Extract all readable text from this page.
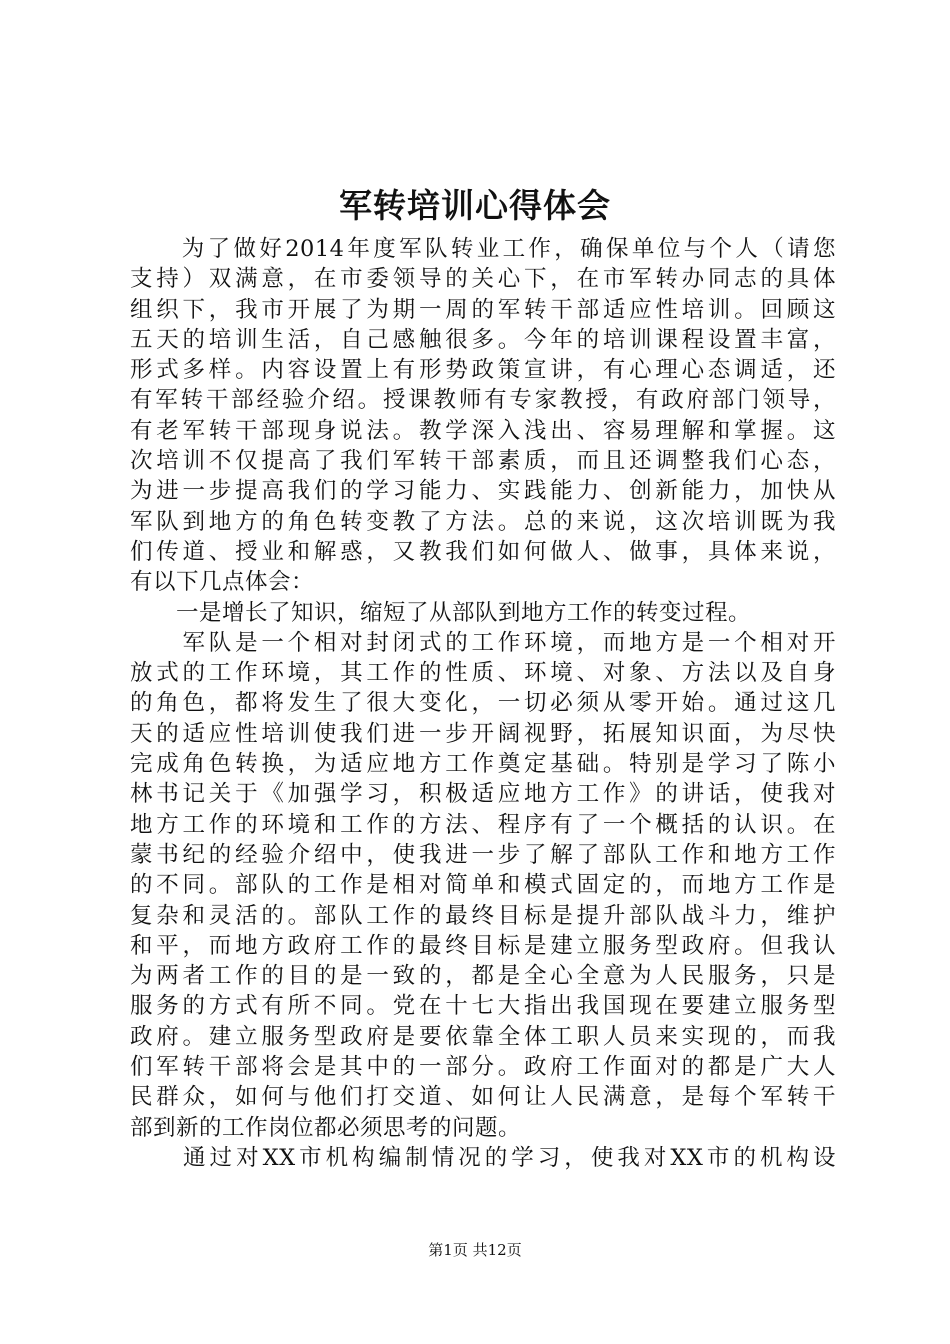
军转培训心得体会
　　为了做好2014年度军队转业工作，确保单位与个人（请您
支持）双满意，在市委领导的关心下，在市军转办同志的具体
组织下，我市开展了为期一周的军转干部适应性培训。回顾这
五天的培训生活，自己感触很多。今年的培训课程设置丰富，
形式多样。内容设置上有形势政策宣讲，有心理心态调适，还
有军转干部经验介绍。授课教师有专家教授，有政府部门领导，
有老军转干部现身说法。教学深入浅出、容易理解和掌握。这
次培训不仅提高了我们军转干部素质，而且还调整我们心态，
为进一步提高我们的学习能力、实践能力、创新能力，加快从
军队到地方的角色转变教了方法。总的来说，这次培训既为我
们传道、授业和解惑，又教我们如何做人、做事，具体来说，
有以下几点体会：
　　一是增长了知识，缩短了从部队到地方工作的转变过程。
　　军队是一个相对封闭式的工作环境，而地方是一个相对开
放式的工作环境，其工作的性质、环境、对象、方法以及自身
的角色，都将发生了很大变化，一切必须从零开始。通过这几
天的适应性培训使我们进一步开阔视野，拓展知识面，为尽快
完成角色转换，为适应地方工作奠定基础。特别是学习了陈小
林书记关于《加强学习，积极适应地方工作》的讲话，使我对
地方工作的环境和工作的方法、程序有了一个概括的认识。在
蒙书纪的经验介绍中，使我进一步了解了部队工作和地方工作
的不同。部队的工作是相对简单和模式固定的，而地方工作是
复杂和灵活的。部队工作的最终目标是提升部队战斗力，维护
和平，而地方政府工作的最终目标是建立服务型政府。但我认
为两者工作的目的是一致的，都是全心全意为人民服务，只是
服务的方式有所不同。党在十七大指出我国现在要建立服务型
政府。建立服务型政府是要依靠全体工职人员来实现的，而我
们军转干部将会是其中的一部分。政府工作面对的都是广大人
民群众，如何与他们打交道、如何让人民满意，是每个军转干
部到新的工作岗位都必须思考的问题。
　　通过对XX市机构编制情况的学习，使我对XX市的机构设
第1页 共12页
